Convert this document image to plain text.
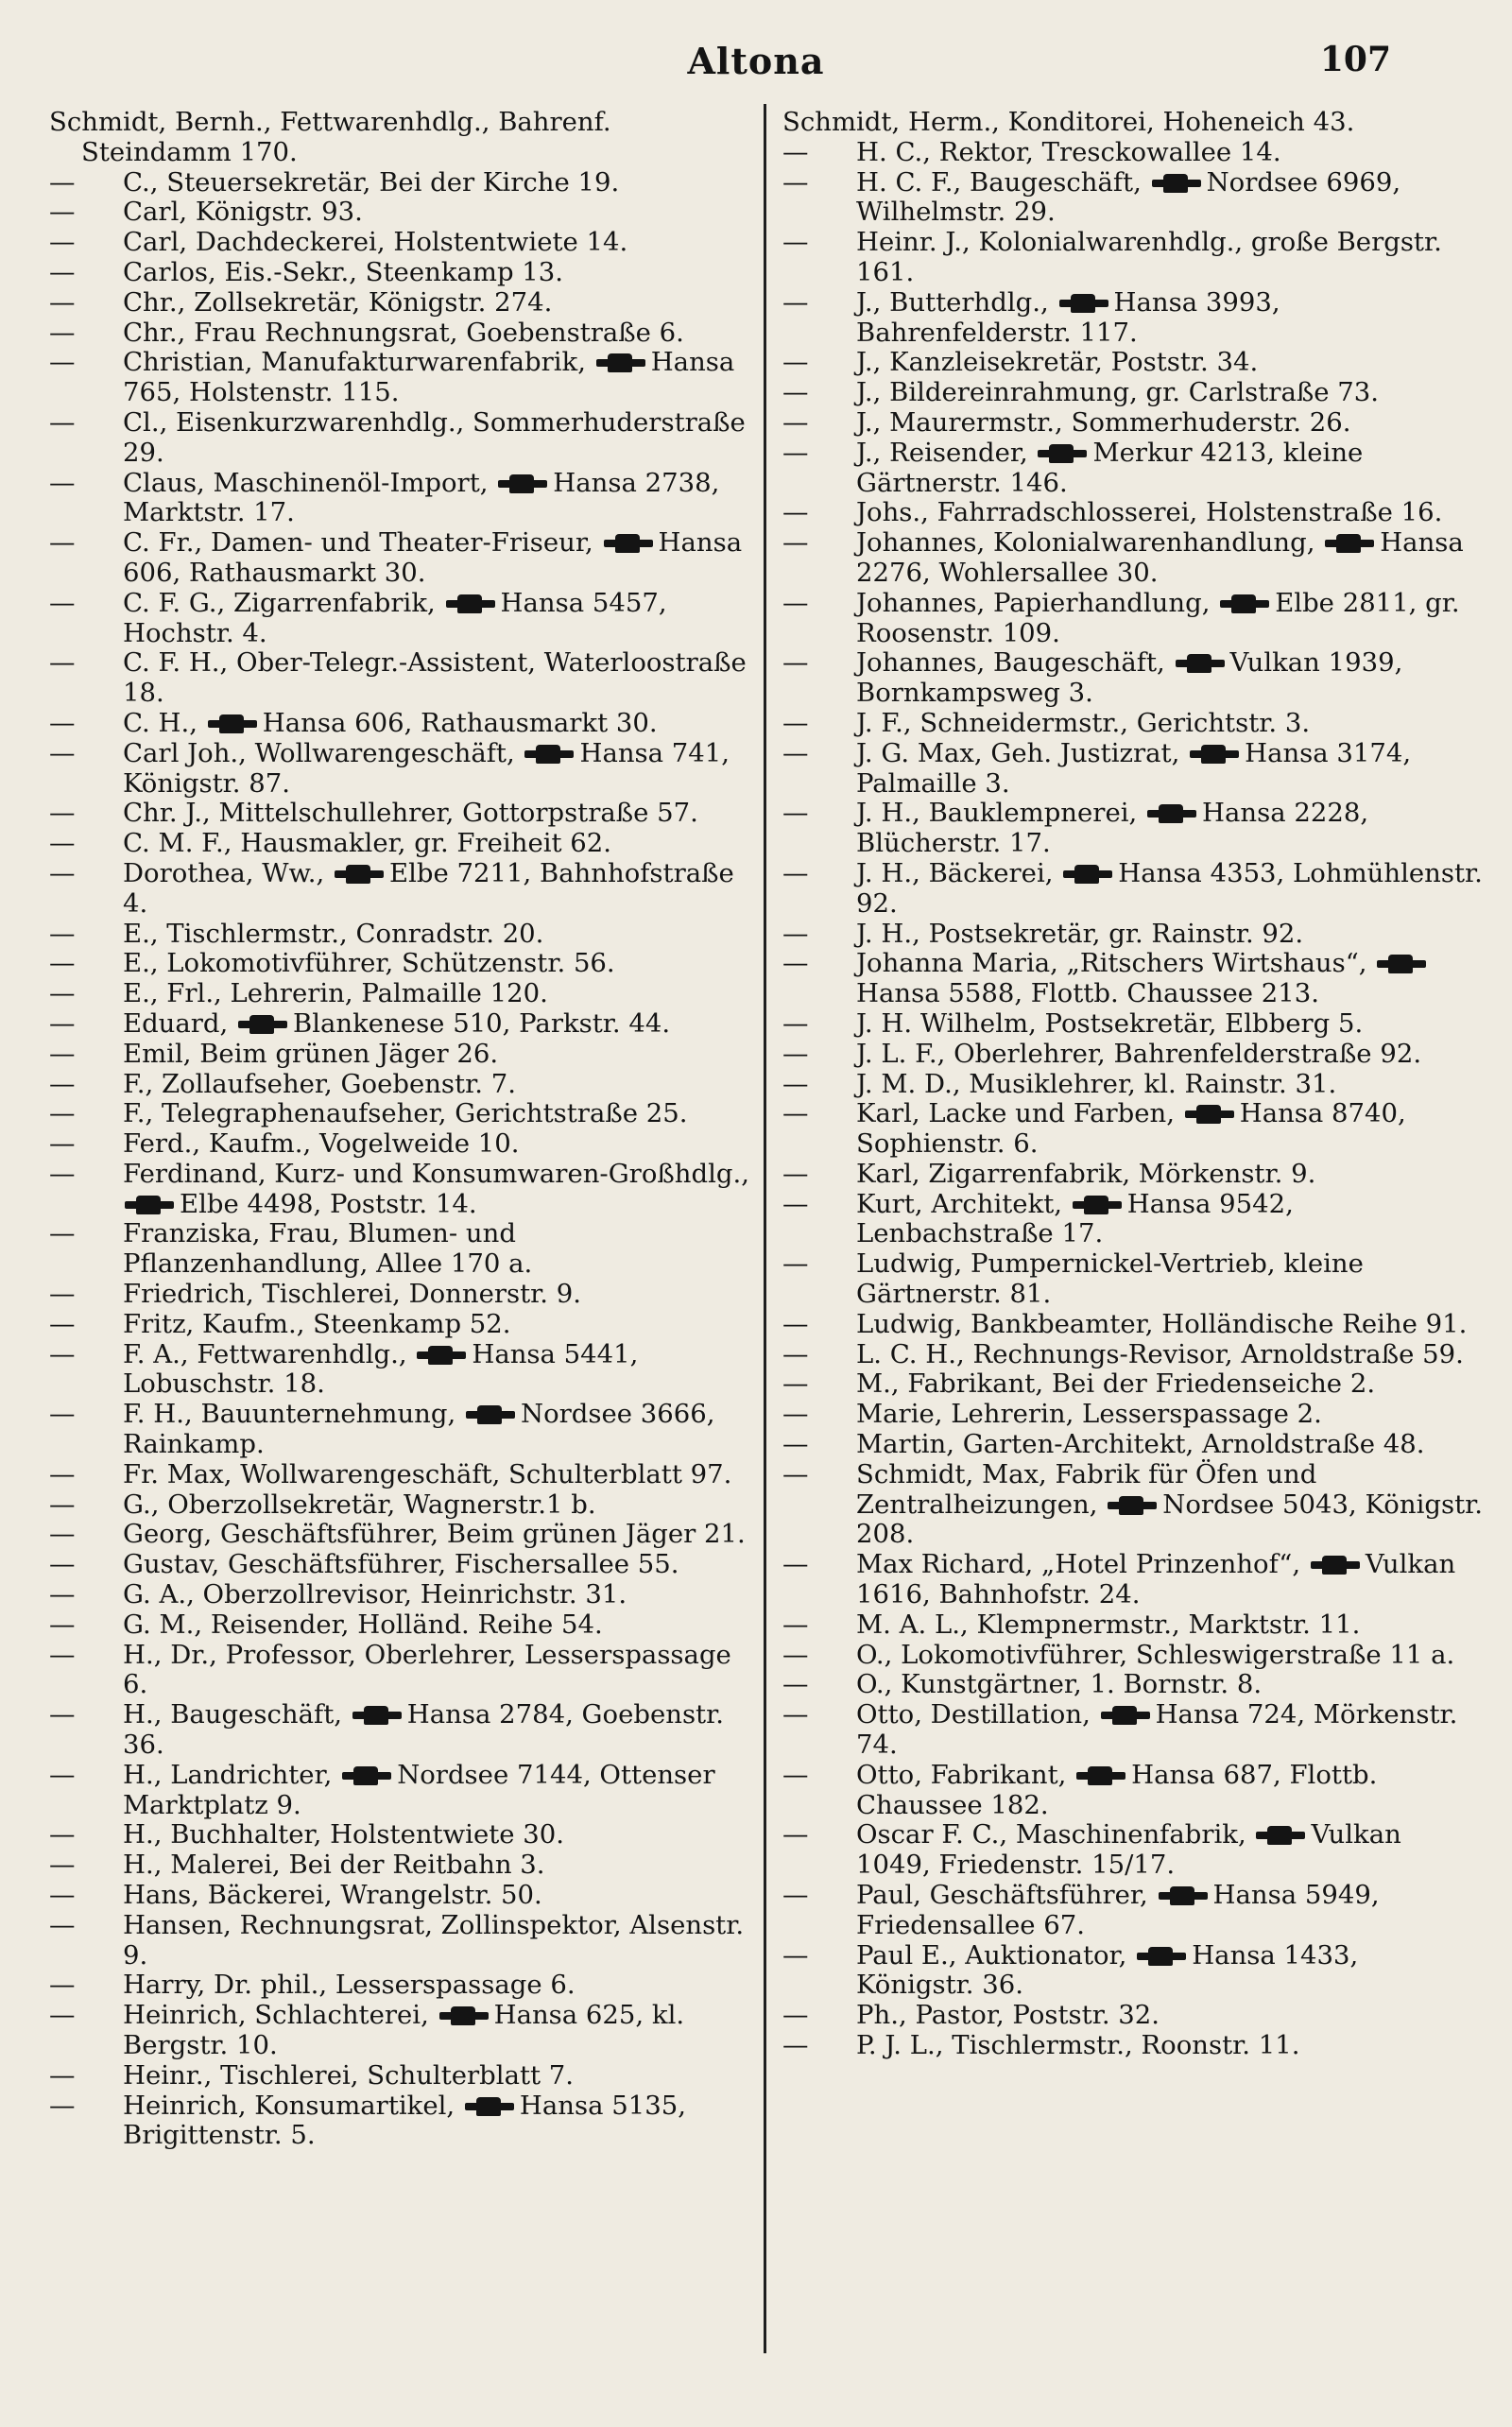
Altona	107

Schmidt, Bernh., Fettwarenhdlg., Bahrenf. Steindamm 170.

— C., Steuersekretär, Bei der Kirche 19.

— Carl, Königstr. 93.

— Carl, Dachdeckerei, Holstentwiete 14.

— Carlos, Eis.-Sekr., Steenkamp 13.

— Chr., Zollsekretär, Königstr. 274.

— Chr., Frau Rechnungsrat, Goebenstraße 6.

— Christian, Manufakturwarenfabrik,	Hansa 765, Holstenstr. 115.

— Cl., Eisenkurzwarenhdlg., Sommerhuderstraße 29.

— Claus, Maschinenöl-Import,	Hansa 2738, Marktstr. 17.

— C. Fr., Damen- und Theater-Friseur,	Hansa 606, Rathausmarkt 30.

— C. F. G., Zigarrenfabrik,	Hansa 5457, Hochstr. 4.

— C. F. H., Ober-Telegr.-Assistent, Waterloostraße 18.

— C. H.,	Hansa 606, Rathausmarkt 30.

— Carl Joh., Wollwarengeschäft,	Hansa 741, Königstr. 87.

— Chr. J., Mittelschullehrer, Gottorpstraße 57.

— C. M. F., Hausmakler, gr. Freiheit 62.

— Dorothea, Ww.,	Elbe 7211, Bahnhofstraße 4.

— E., Tischlermstr., Conradstr. 20.

— E., Lokomotivführer, Schützenstr. 56.

— E., Frl., Lehrerin, Palmaille 120.

— Eduard,	Blankenese 510, Parkstr. 44.

— Emil, Beim grünen Jäger 26.

— F., Zollaufseher, Goebenstr. 7.

— F., Telegraphenaufseher, Gerichtstraße 25.

— Ferd., Kaufm., Vogelweide 10.

— Ferdinand, Kurz- und Konsumwaren-Großhdlg., Elbe 4498, Poststr. 14.

— Franziska, Frau, Blumen- und Pflanzenhandlung, Allee 170 a.

— Friedrich, Tischlerei, Donnerstr. 9.

— Fritz, Kaufm., Steenkamp 52.

— F. A., Fettwarenhdlg.,	Hansa 5441, Lobuschstr. 18.

— F. H., Bauunternehmung,	Nordsee 3666, Rainkamp.

— Fr. Max, Wollwarengeschäft, Schulterblatt 97.

— G., Oberzollsekretär, Wagnerstr.1 b.

— Georg, Geschäftsführer, Beim grünen Jäger 21.

— Gustav, Geschäftsführer, Fischersallee 55.

— G. A., Oberzollrevisor, Heinrichstr. 31.

— G. M., Reisender, Holländ. Reihe 54.

— H., Dr., Professor, Oberlehrer, Lesserspassage 6.

— H., Baugeschäft,	Hansa 2784, Goebenstr. 36.

— H., Landrichter,	Nordsee 7144, Ottenser Marktplatz 9.

— H., Buchhalter, Holstentwiete 30.

— H., Malerei, Bei der Reitbahn 3.

— Hans, Bäckerei, Wrangelstr. 50.

— Hansen, Rechnungsrat, Zollinspektor, Alsenstr. 9.

— Harry, Dr. phil., Lesserspassage 6.

— Heinrich, Schlachterei,	Hansa 625, kl. Bergstr. 10.

— Heinr., Tischlerei, Schulterblatt 7.

— Heinrich, Konsumartikel,	Hansa 5135, Brigittenstr. 5.

Schmidt, Herm., Konditorei, Hoheneich 43.

— H. C., Rektor, Tresckowallee 14.

— H. C. F., Baugeschäft,	Nordsee 6969, Wilhelmstr. 29.

— Heinr. J., Kolonialwarenhdlg., große Bergstr. 161.

— J., Butterhdlg.,	Hansa 3993, Bahrenfelderstr. 117.

— J., Kanzleisekretär, Poststr. 34.

— J., Bildereinrahmung, gr. Carlstraße 73.

— J., Maurermstr., Sommerhuderstr. 26.

— J., Reisender,	Merkur 4213, kleine Gärtnerstr. 146.

— Johs., Fahrradschlosserei, Holstenstraße 16.

— Johannes, Kolonialwarenhandlung,	Hansa 2276, Wohlersallee 30.

— Johannes, Papierhandlung,	Elbe 2811, gr. Roosenstr. 109.

— Johannes, Baugeschäft,	Vulkan 1939, Bornkampsweg 3.

— J. F., Schneidermstr., Gerichtstr. 3.

— J. G. Max, Geh. Justizrat,	Hansa 3174, Palmaille 3.

— J. H., Bauklempnerei,	Hansa 2228, Blücherstr. 17.

— J. H., Bäckerei,	Hansa 4353, Lohmühlenstr. 92.

— J. H., Postsekretär, gr. Rainstr. 92.

— Johanna Maria, „Ritschers Wirtshaus“, Hansa 5588, Flottb. Chaussee 213.

— J. H. Wilhelm, Postsekretär, Elbberg 5.

— J. L. F., Oberlehrer, Bahrenfelderstraße 92.

— J. M. D., Musiklehrer, kl. Rainstr. 31.

— Karl, Lacke und Farben,	Hansa 8740, Sophienstr. 6.

— Karl, Zigarrenfabrik, Mörkenstr. 9.

— Kurt, Architekt,	Hansa 9542, Lenbachstraße 17.

— Ludwig, Pumpernickel-Vertrieb, kleine Gärtnerstr. 81.

— Ludwig, Bankbeamter, Holländische Reihe 91.

— L. C. H., Rechnungs-Revisor, Arnoldstraße 59.

— M., Fabrikant, Bei der Friedenseiche 2.

— Marie, Lehrerin, Lesserspassage 2.

— Martin, Garten-Architekt, Arnoldstraße 48.

— Schmidt, Max, Fabrik für Öfen und Zentralheizungen,	Nordsee 5043, Königstr. 208.

— Max Richard, „Hotel Prinzenhof“,	Vulkan 1616, Bahnhofstr. 24.

— M. A. L., Klempnermstr., Marktstr. 11.

— O., Lokomotivführer, Schleswigerstraße 11 a.

— O., Kunstgärtner, 1. Bornstr. 8.

— Otto, Destillation,	Hansa 724, Mörkenstr. 74.

— Otto, Fabrikant,	Hansa 687, Flottb. Chaussee 182.

— Oscar F. C., Maschinenfabrik,	Vulkan 1049, Friedenstr. 15/17.

— Paul, Geschäftsführer,	Hansa 5949, Friedensallee 67.

— Paul E., Auktionator,	Hansa 1433, Königstr. 36.

— Ph., Pastor, Poststr. 32.

— P. J. L., Tischlermstr., Roonstr. 11.
